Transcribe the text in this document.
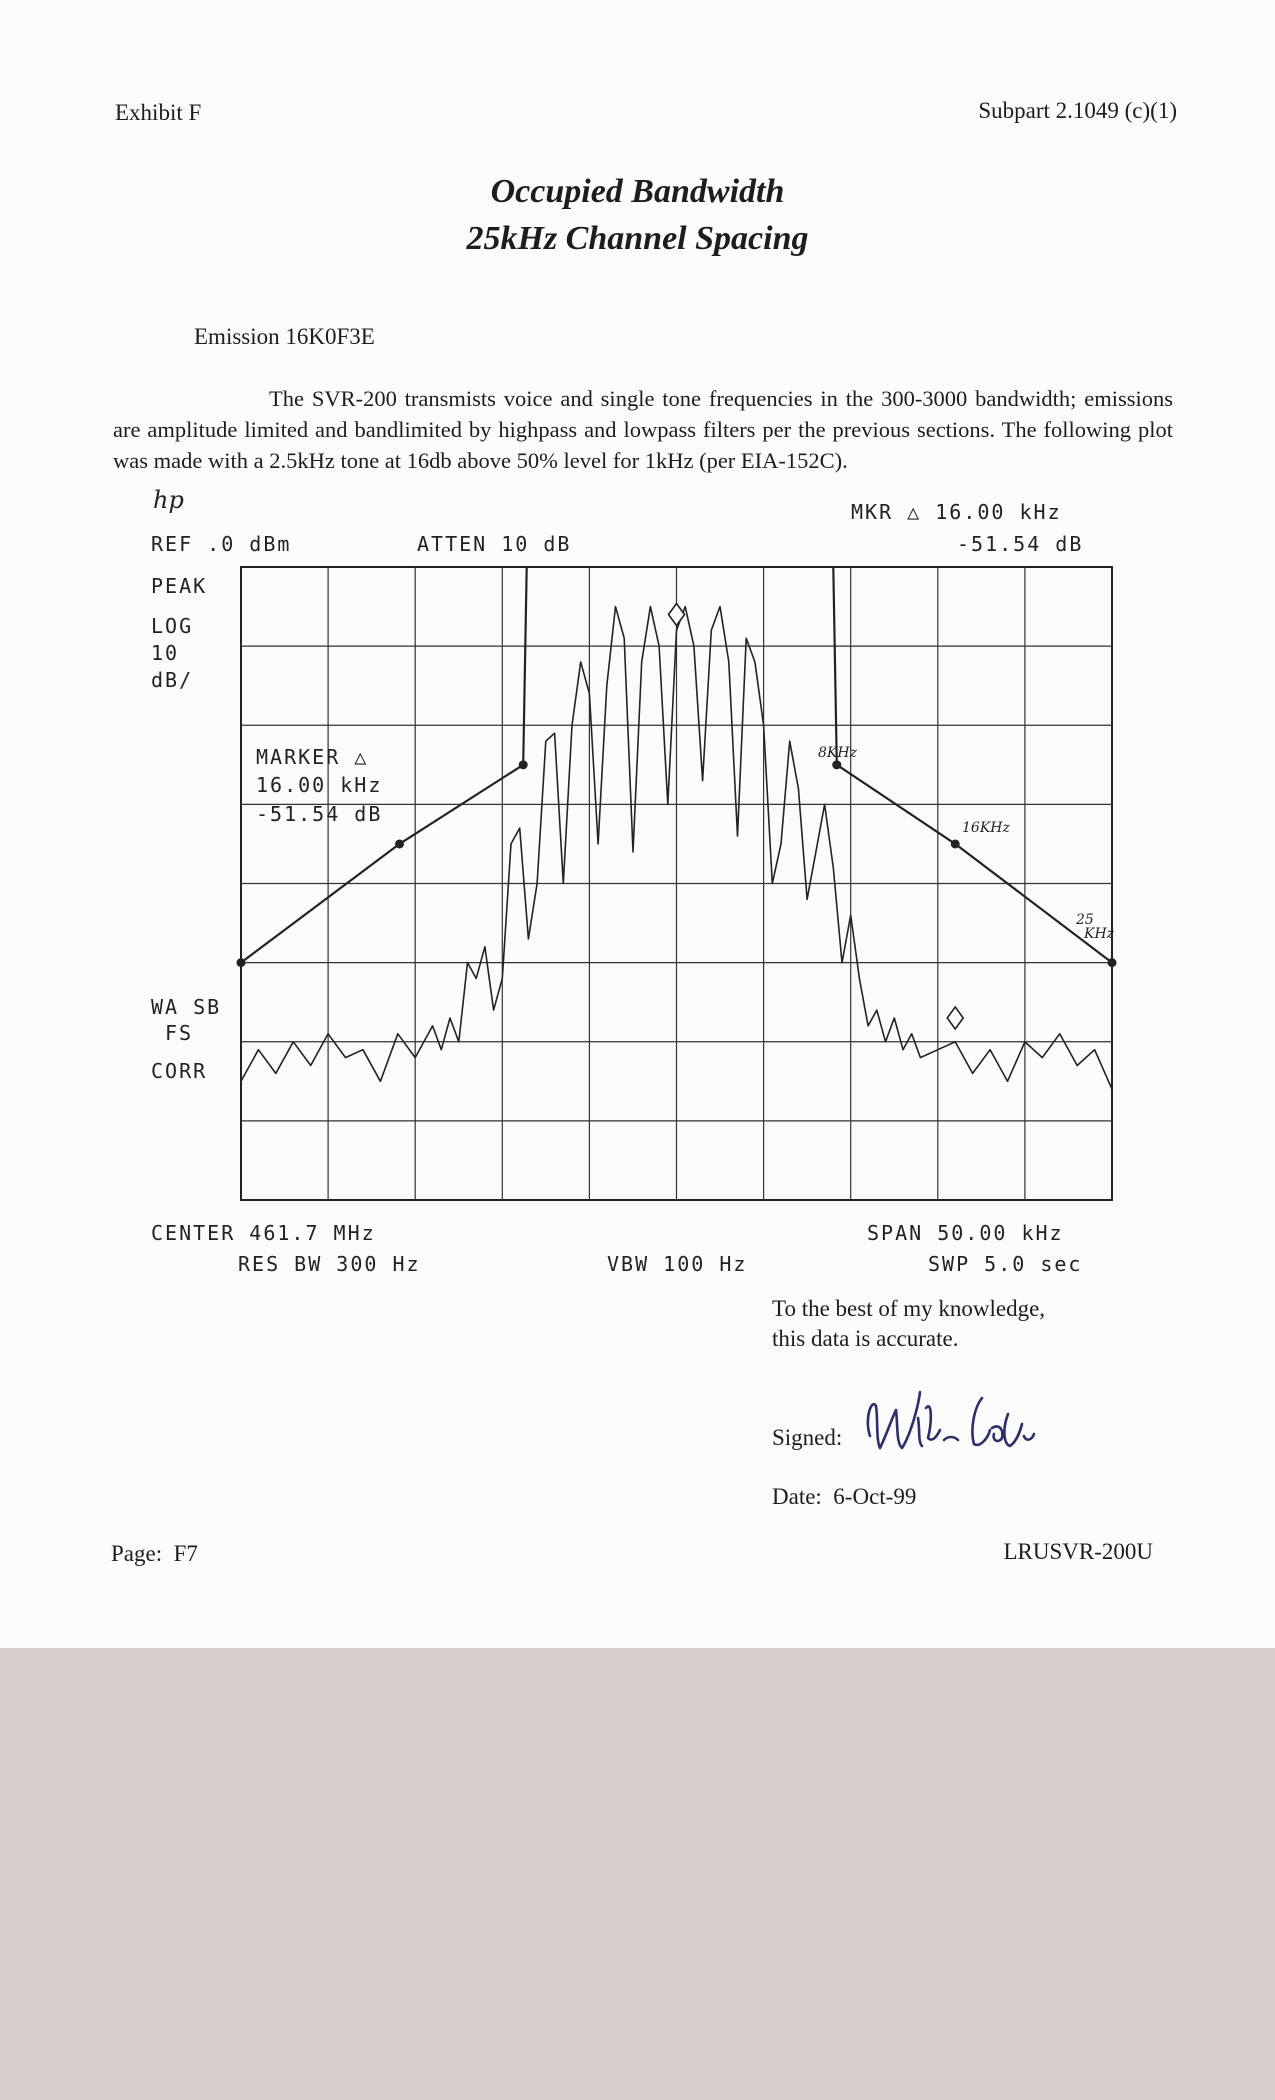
Exhibit F	Subpart 2.1049 (c)(1)
Occupied Bandwidth
25kHz Channel Spacing
Emission 16K0F3E
The SVR-200 transmists voice and single tone frequencies in the 300-3000 bandwidth; emissions are amplitude limited and bandlimited by highpass and lowpass filters per the previous sections. The following plot was made with a 2.5kHz tone at 16db above 50% level for 1kHz (per EIA-152C).
hp	MKR △ 16.00 kHz
-51.54 dB
REF .0 dBm	ATTEN 10 dB
PEAK
LOG
10
dB/
MARKER △
16.00 kHz
-51.54 dB
WA SB
FS
CORR
8KHz
16KHz
25
KHz
CENTER 461.7 MHz	SPAN 50.00 kHz
RES BW 300 Hz	VBW 100 Hz	SWP 5.0 sec
To the best of my knowledge,
this data is accurate.
Signed:
Date:  6-Oct-99
Page:  F7	LRUSVR-200U
